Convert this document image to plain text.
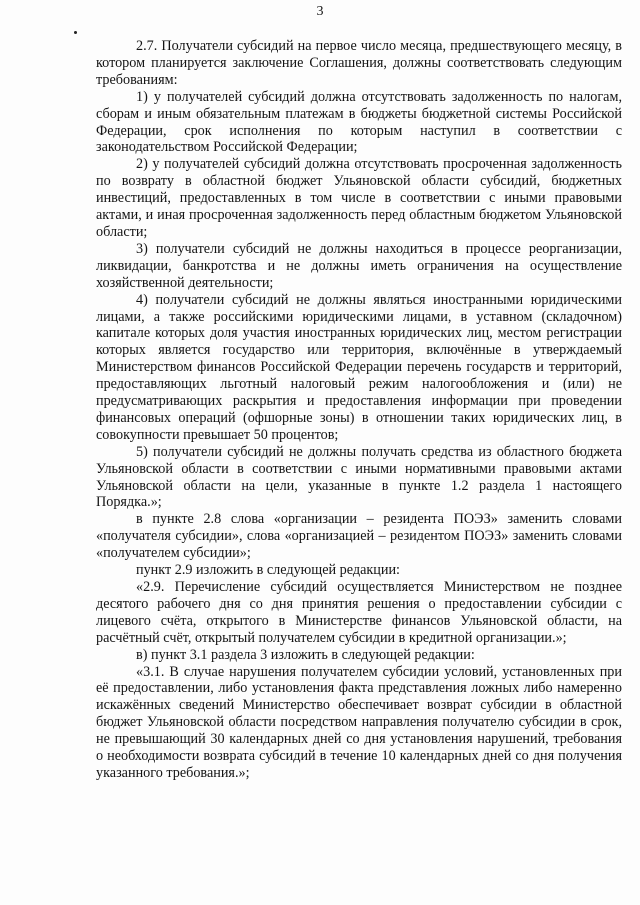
3

2.7. Получатели субсидий на первое число месяца, предшествующего месяцу, в котором планируется заключение Соглашения, должны соответствовать следующим требованиям:

1) у получателей субсидий должна отсутствовать задолженность по налогам, сборам и иным обязательным платежам в бюджеты бюджетной системы Российской Федерации, срок исполнения по которым наступил в соответствии с законодательством Российской Федерации;

2) у получателей субсидий должна отсутствовать просроченная задолженность по возврату в областной бюджет Ульяновской области субсидий, бюджетных инвестиций, предоставленных в том числе в соответствии с иными правовыми актами, и иная просроченная задолженность перед областным бюджетом Ульяновской области;

3) получатели субсидий не должны находиться в процессе реорганизации, ликвидации, банкротства и не должны иметь ограничения на осуществление хозяйственной деятельности;

4) получатели субсидий не должны являться иностранными юридическими лицами, а также российскими юридическими лицами, в уставном (складочном) капитале которых доля участия иностранных юридических лиц, местом регистрации которых является государство или территория, включённые в утверждаемый Министерством финансов Российской Федерации перечень государств и территорий, предоставляющих льготный налоговый режим налогообложения и (или) не предусматривающих раскрытия и предоставления информации при проведении финансовых операций (офшорные зоны) в отношении таких юридических лиц, в совокупности превышает 50 процентов;

5) получатели субсидий не должны получать средства из областного бюджета Ульяновской области в соответствии с иными нормативными правовыми актами Ульяновской области на цели, указанные в пункте 1.2 раздела 1 настоящего Порядка.»;

в пункте 2.8 слова «организации – резидента ПОЭЗ» заменить словами «получателя субсидии», слова «организацией – резидентом ПОЭЗ» заменить словами «получателем субсидии»;

пункт 2.9 изложить в следующей редакции:

«2.9. Перечисление субсидий осуществляется Министерством не позднее десятого рабочего дня со дня принятия решения о предоставлении субсидии с лицевого счёта, открытого в Министерстве финансов Ульяновской области, на расчётный счёт, открытый получателем субсидии в кредитной организации.»;

в) пункт 3.1 раздела 3 изложить в следующей редакции:

«3.1. В случае нарушения получателем субсидии условий, установленных при её предоставлении, либо установления факта представления ложных либо намеренно искажённых сведений Министерство обеспечивает возврат субсидии в областной бюджет Ульяновской области посредством направления получателю субсидии в срок, не превышающий 30 календарных дней со дня установления нарушений, требования о необходимости возврата субсидий в течение 10 календарных дней со дня получения указанного требования.»;
